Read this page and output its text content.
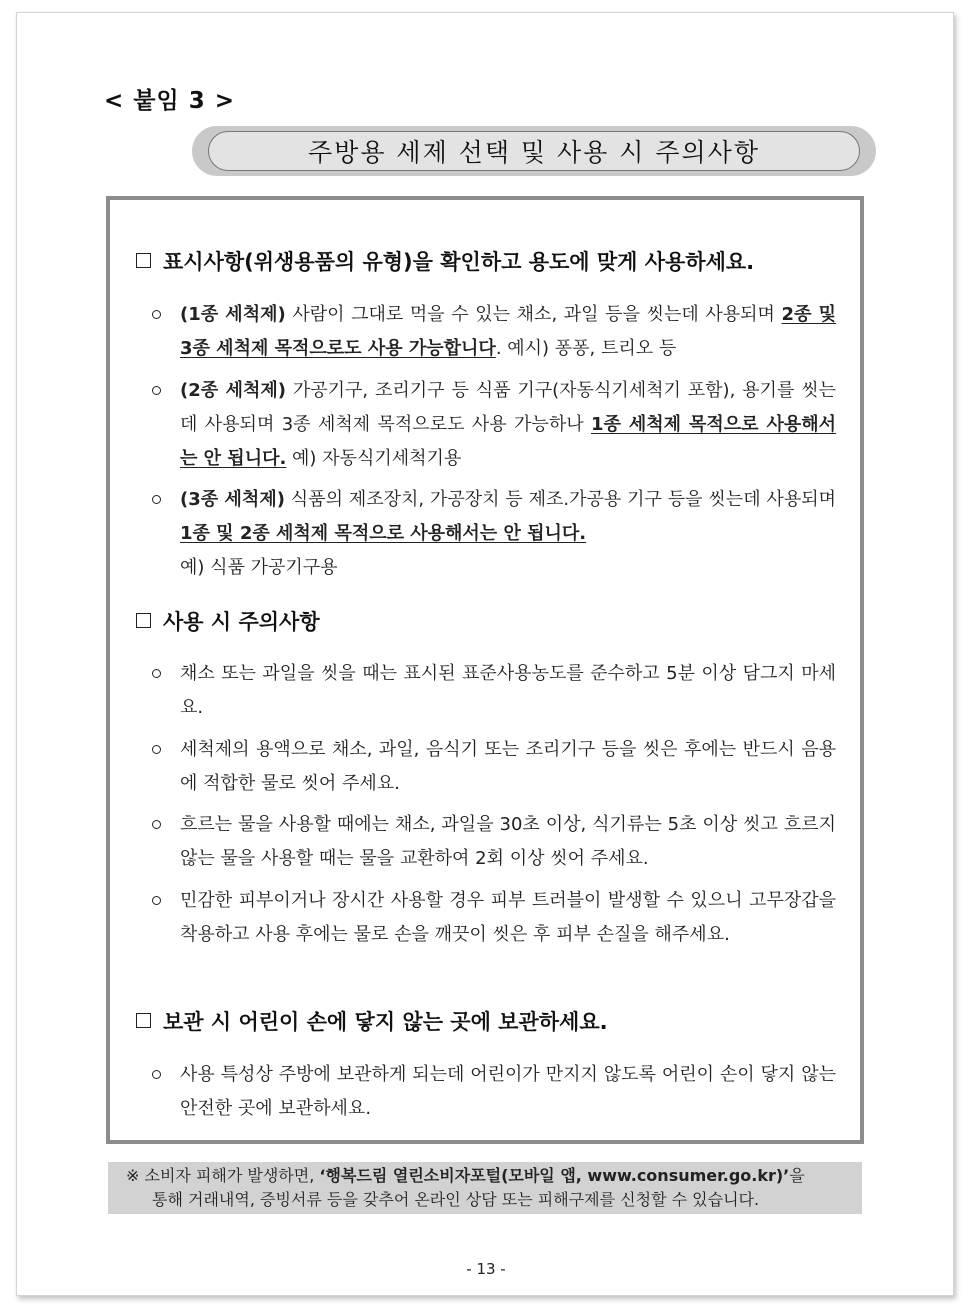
< 붙임 3 >
주방용 세제 선택 및 사용 시 주의사항
표시사항(위생용품의 유형)을 확인하고 용도에 맞게 사용하세요.
(1종 세척제) 사람이 그대로 먹을 수 있는 채소, 과일 등을 씻는데 사용되며 2종 및 3종 세척제 목적으로도 사용 가능합니다. 예시) 퐁퐁, 트리오 등
(2종 세척제) 가공기구, 조리기구 등 식품 기구(자동식기세척기 포함), 용기를 씻는데 사용되며 3종 세척제 목적으로도 사용 가능하나 1종 세척제 목적으로 사용해서는 안 됩니다. 예) 자동식기세척기용
(3종 세척제) 식품의 제조장치, 가공장치 등 제조.가공용 기구 등을 씻는데 사용되며 1종 및 2종 세척제 목적으로 사용해서는 안 됩니다.
예) 식품 가공기구용
사용 시 주의사항
채소 또는 과일을 씻을 때는 표시된 표준사용농도를 준수하고 5분 이상 담그지 마세요.
세척제의 용액으로 채소, 과일, 음식기 또는 조리기구 등을 씻은 후에는 반드시 음용에 적합한 물로 씻어 주세요.
흐르는 물을 사용할 때에는 채소, 과일을 30초 이상, 식기류는 5초 이상 씻고 흐르지 않는 물을 사용할 때는 물을 교환하여 2회 이상 씻어 주세요.
민감한 피부이거나 장시간 사용할 경우 피부 트러블이 발생할 수 있으니 고무장갑을 착용하고 사용 후에는 물로 손을 깨끗이 씻은 후 피부 손질을 해주세요.
보관 시 어린이 손에 닿지 않는 곳에 보관하세요.
사용 특성상 주방에 보관하게 되는데 어린이가 만지지 않도록 어린이 손이 닿지 않는 안전한 곳에 보관하세요.
※ 소비자 피해가 발생하면, ‘행복드림 열린소비자포털(모바일 앱, www.consumer.go.kr)’을
통해 거래내역, 증빙서류 등을 갖추어 온라인 상담 또는 피해구제를 신청할 수 있습니다.
- 13 -
